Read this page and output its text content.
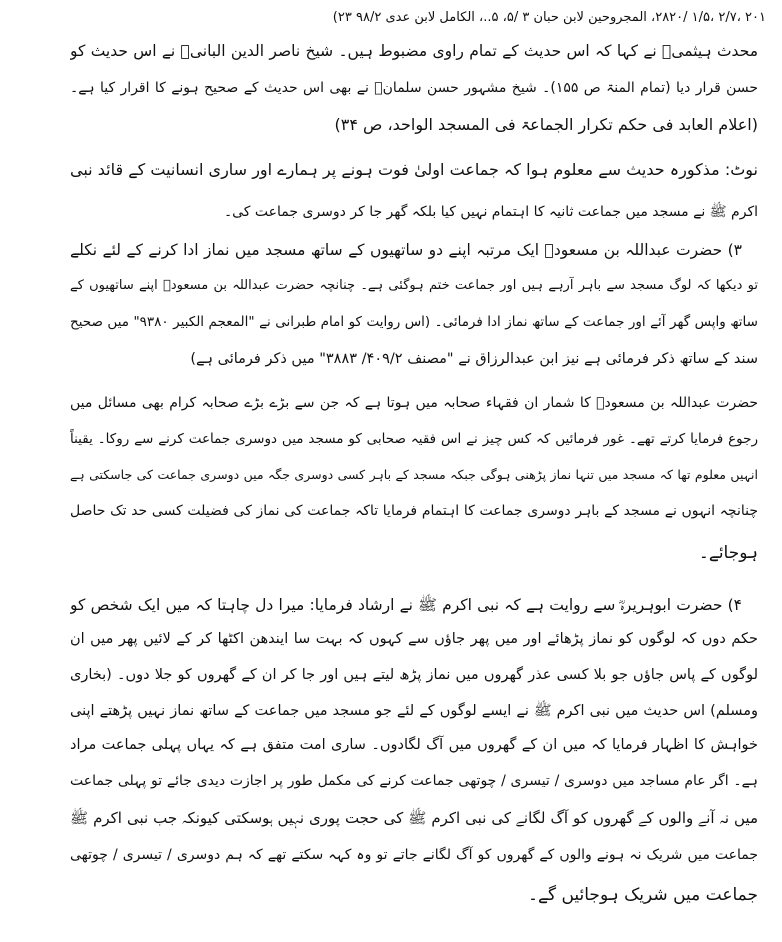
۲۰۱ ،۲/۷ ،۱/۵ /۲۸۲۰، المجروحین لابن حبان ۳ /۵، ۵..، الکامل لابن عدی ۹۸/۲ ۲۳)

محدث ہیثمیؒ نے کہا کہ اس حدیث کے تمام راوی مضبوط ہیں۔ شیخ ناصر الدین البانیؒ نے اس حدیث کو

حسن قرار دیا (تمام المنۃ ص ۱۵۵)۔ شیخ مشہور حسن سلمانؒ نے بھی اس حدیث کے صحیح ہونے کا اقرار کیا ہے۔

(اعلام العابد فی حکم تکرار الجماعۃ فی المسجد الواحد، ص ۳۴)

نوٹ: مذکورہ حدیث سے معلوم ہوا کہ جماعت اولیٰ فوت ہونے پر ہمارے اور ساری انسانیت کے قائد نبی

اکرم ﷺ نے مسجد میں جماعت ثانیہ کا اہتمام نہیں کیا بلکہ گھر جا کر دوسری جماعت کی۔

۳) حضرت عبداللہ بن مسعودؓ ایک مرتبہ اپنے دو ساتھیوں کے ساتھ مسجد میں نماز ادا کرنے کے لئے نکلے

تو دیکھا کہ لوگ مسجد سے باہر آرہے ہیں اور جماعت ختم ہوگئی ہے۔ چنانچہ حضرت عبداللہ بن مسعودؓ اپنے ساتھیوں کے

ساتھ واپس گھر آئے اور جماعت کے ساتھ نماز ادا فرمائی۔ (اس روایت کو امام طبرانی نے "المعجم الکبیر ۹۳۸۰" میں صحیح

سند کے ساتھ ذکر فرمائی ہے نیز ابن عبدالرزاق نے "مصنف ۴۰۹/۲/ ۳۸۸۳" میں ذکر فرمائی ہے)

حضرت عبداللہ بن مسعودؓ کا شمار ان فقہاء صحابہ میں ہوتا ہے کہ جن سے بڑے بڑے صحابہ کرام بھی مسائل میں

رجوع فرمایا کرتے تھے۔ غور فرمائیں کہ کس چیز نے اس فقیہ صحابی کو مسجد میں دوسری جماعت کرنے سے روکا۔ یقیناً

انہیں معلوم تھا کہ مسجد میں تنہا نماز پڑھنی ہوگی جبکہ مسجد کے باہر کسی دوسری جگہ میں دوسری جماعت کی جاسکتی ہے

چنانچہ انہوں نے مسجد کے باہر دوسری جماعت کا اہتمام فرمایا تاکہ جماعت کی نماز کی فضیلت کسی حد تک حاصل

ہوجائے۔

۴) حضرت ابوہریرہؓ سے روایت ہے کہ نبی اکرم ﷺ نے ارشاد فرمایا: میرا دل چاہتا کہ میں ایک شخص کو

حکم دوں کہ لوگوں کو نماز پڑھائے اور میں پھر جاؤں سے کہوں کہ بہت سا ایندھن اکٹھا کر کے لائیں پھر میں ان

لوگوں کے پاس جاؤں جو بلا کسی عذر گھروں میں نماز پڑھ لیتے ہیں اور جا کر ان کے گھروں کو جلا دوں۔ (بخاری

ومسلم) اس حدیث میں نبی اکرم ﷺ نے ایسے لوگوں کے لئے جو مسجد میں جماعت کے ساتھ نماز نہیں پڑھتے اپنی

خواہش کا اظہار فرمایا کہ میں ان کے گھروں میں آگ لگادوں۔ ساری امت متفق ہے کہ یہاں پہلی جماعت مراد

ہے۔ اگر عام مساجد میں دوسری / تیسری / چوتھی جماعت کرنے کی مکمل طور پر اجازت دیدی جائے تو پہلی جماعت

میں نہ آنے والوں کے گھروں کو آگ لگانے کی نبی اکرم ﷺ کی حجت پوری نہیں ہوسکتی کیونکہ جب نبی اکرم ﷺ

جماعت میں شریک نہ ہونے والوں کے گھروں کو آگ لگانے جاتے تو وہ کہہ سکتے تھے کہ ہم دوسری / تیسری / چوتھی

جماعت میں شریک ہوجائیں گے۔
